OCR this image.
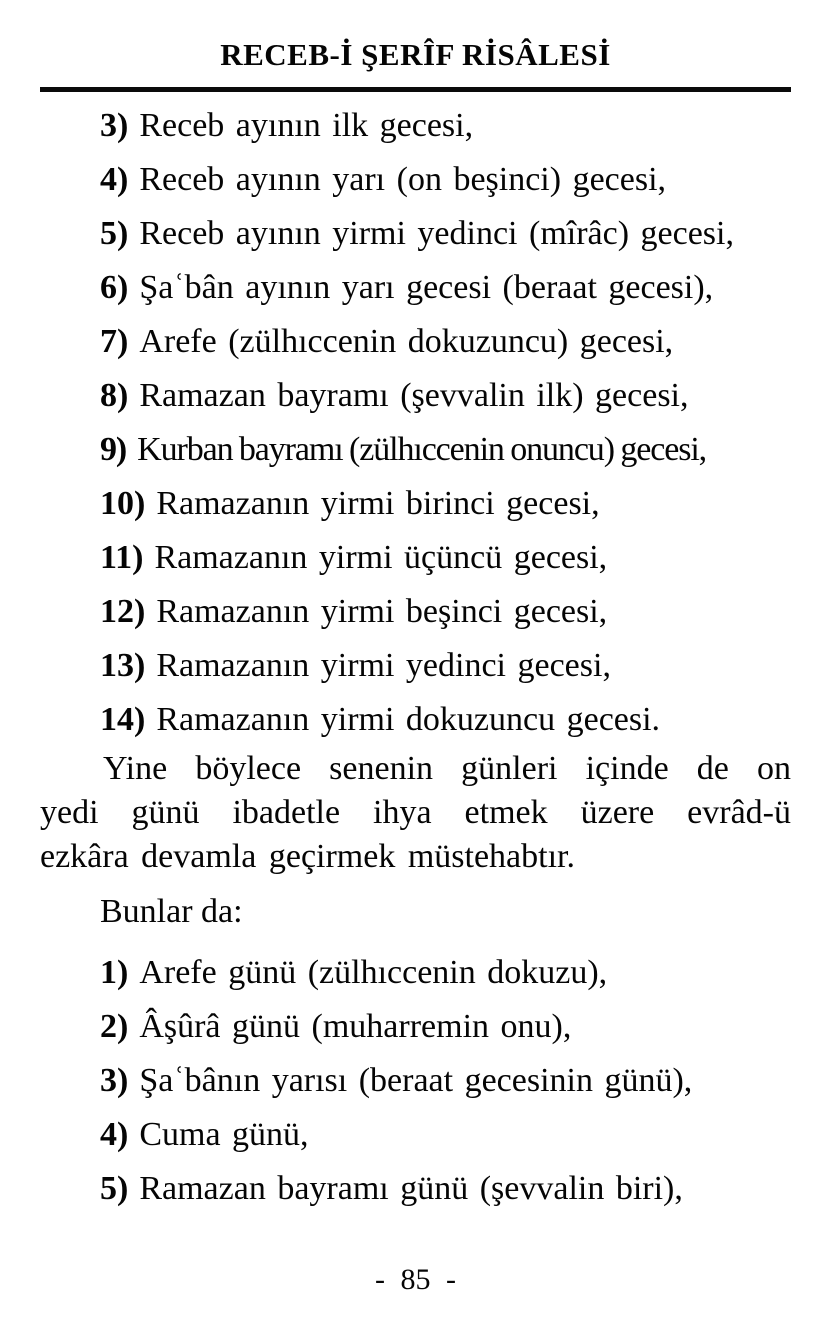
RECEB-İ ŞERÎF RİSÂLESİ
3) Receb ayının ilk gecesi,
4) Receb ayının yarı (on beşinci) gecesi,
5) Receb ayının yirmi yedinci (mîrâc) gecesi,
6) Şaʿbân ayının yarı gecesi (beraat gecesi),
7) Arefe (zülhıccenin dokuzuncu) gecesi,
8) Ramazan bayramı (şevvalin ilk) gecesi,
9) Kurban bayramı (zülhıccenin onuncu) gecesi,
10) Ramazanın yirmi birinci gecesi,
11) Ramazanın yirmi üçüncü gecesi,
12) Ramazanın yirmi beşinci gecesi,
13) Ramazanın yirmi yedinci gecesi,
14) Ramazanın yirmi dokuzuncu gecesi.
Yine böylece senenin günleri içinde de on
yedi günü ibadetle ihya etmek üzere evrâd-ü
ezkâra devamla geçirmek müstehabtır.
Bunlar da:
1) Arefe günü (zülhıccenin dokuzu),
2) Âşûrâ günü (muharremin onu),
3) Şaʿbânın yarısı (beraat gecesinin günü),
4) Cuma günü,
5) Ramazan bayramı günü (şevvalin biri),
- 85 -
